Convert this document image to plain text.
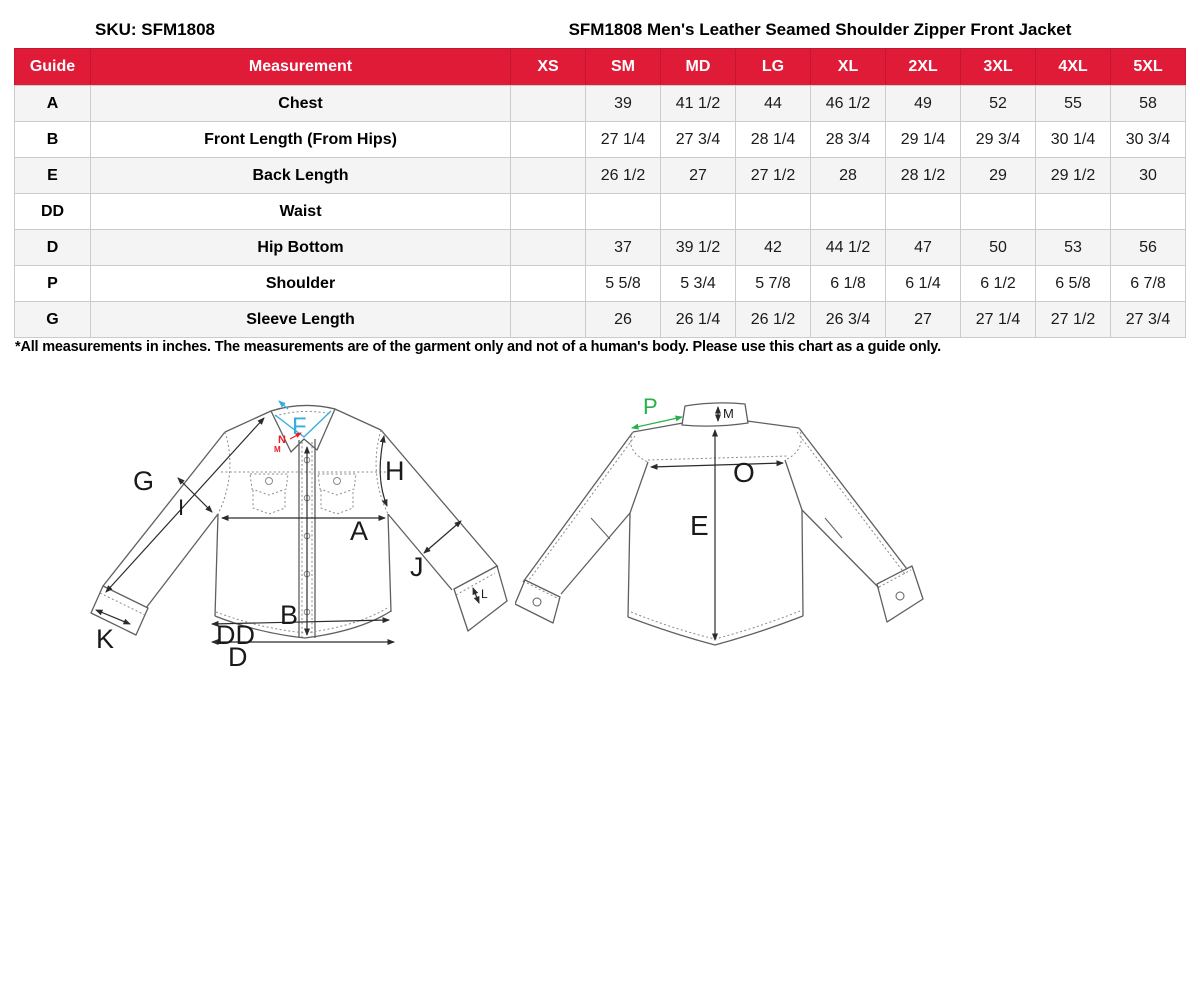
SKU: SFM1808	SFM1808 Men's Leather Seamed Shoulder Zipper Front Jacket
Guide	Measurement	XS	SM	MD	LG	XL	2XL	3XL	4XL	5XL
A	Chest		39	41 1/2	44	46 1/2	49	52	55	58
B	Front Length (From Hips)		27 1/4	27 3/4	28 1/4	28 3/4	29 1/4	29 3/4	30 1/4	30 3/4
E	Back Length		26 1/2	27	27 1/2	28	28 1/2	29	29 1/2	30
DD	Waist									
D	Hip Bottom		37	39 1/2	42	44 1/2	47	50	53	56
P	Shoulder		5 5/8	5 3/4	5 7/8	6 1/8	6 1/4	6 1/2	6 5/8	6 7/8
G	Sleeve Length		26	26 1/4	26 1/2	26 3/4	27	27 1/4	27 1/2	27 3/4
*All measurements in inches. The measurements are of the garment only and not of a human's body. Please use this chart as a guide only.
G
I
H
A
B
DD
D
K
J
L
F
N
M
M
P
O
E
